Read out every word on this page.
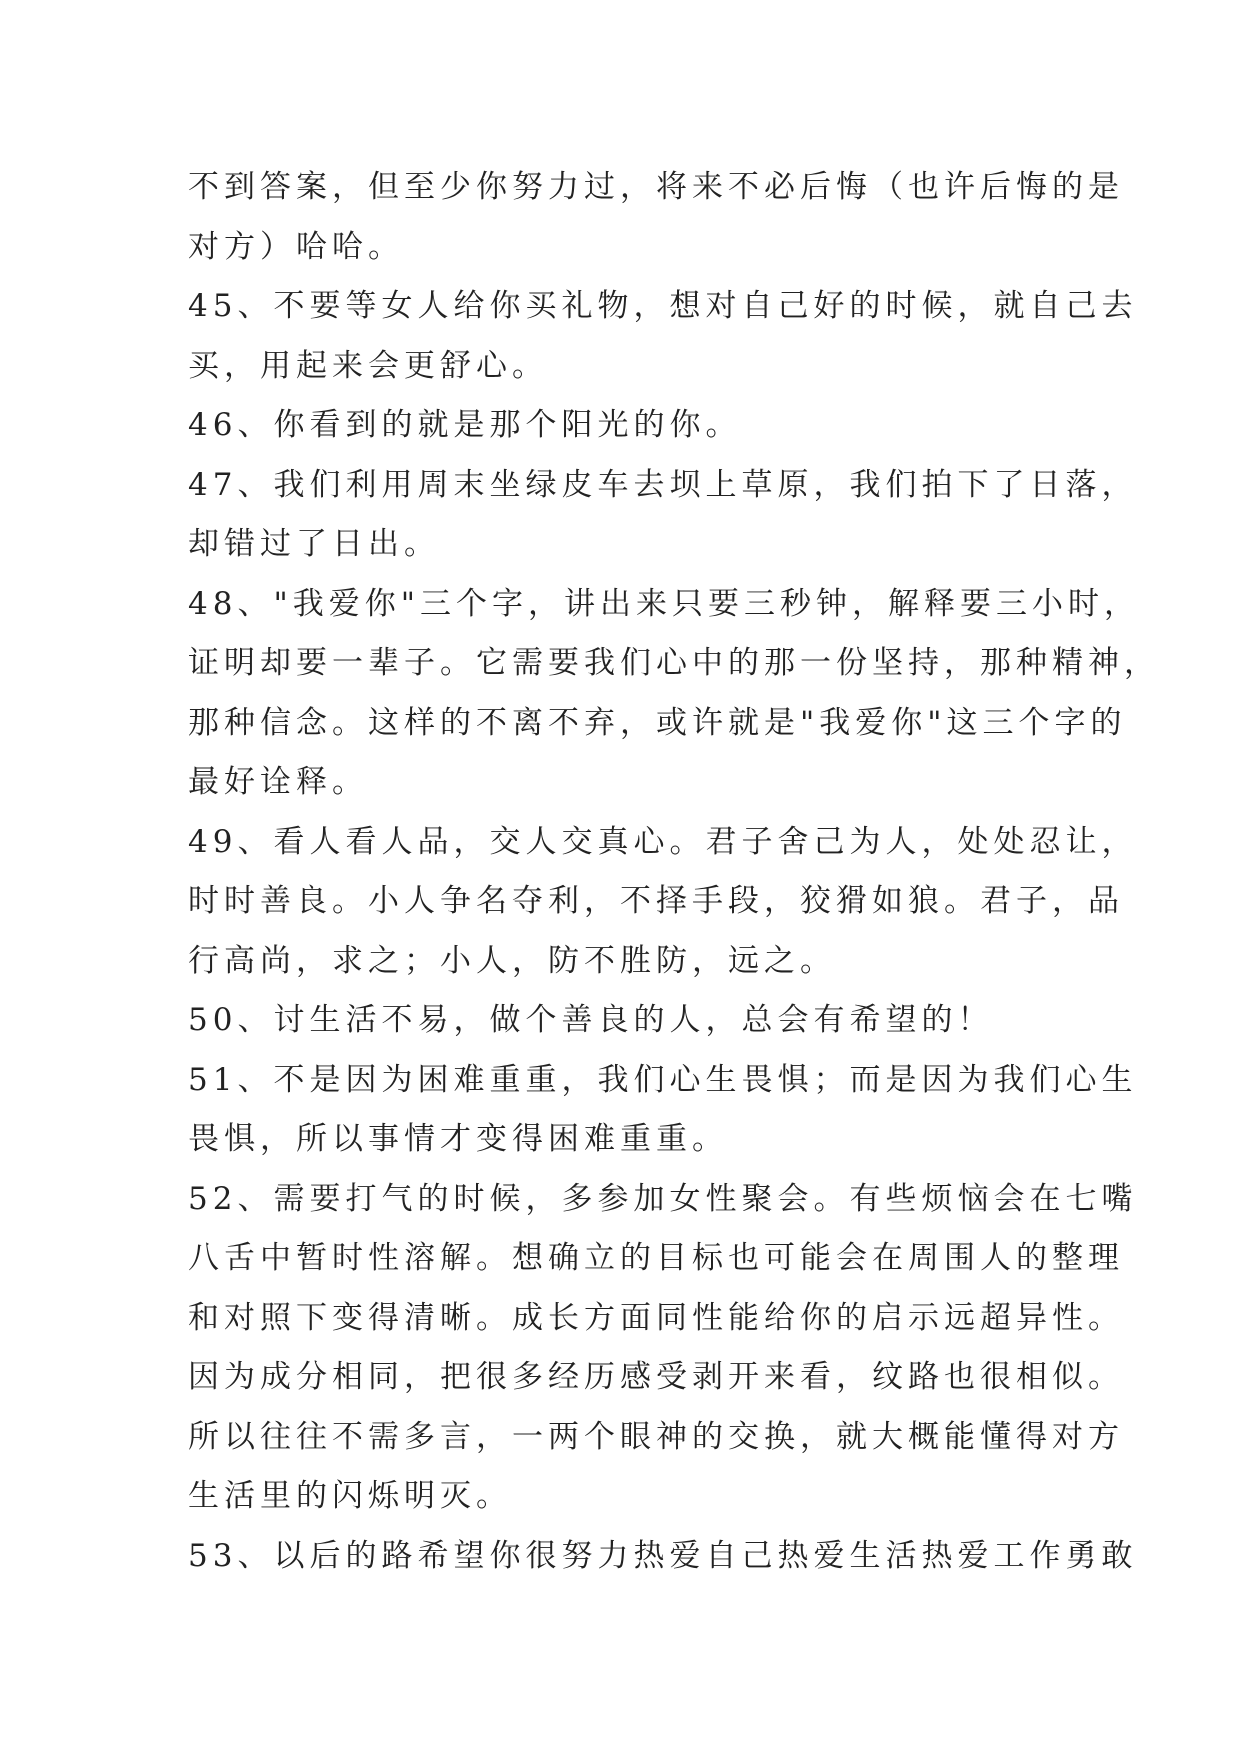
不到答案，但至少你努力过，将来不必后悔（也许后悔的是
对方）哈哈。
45、不要等女人给你买礼物，想对自己好的时候，就自己去
买，用起来会更舒心。
46、你看到的就是那个阳光的你。
47、我们利用周末坐绿皮车去坝上草原，我们拍下了日落，
却错过了日出。
48、"我爱你"三个字，讲出来只要三秒钟，解释要三小时，
证明却要一辈子。它需要我们心中的那一份坚持，那种精神，
那种信念。这样的不离不弃，或许就是"我爱你"这三个字的
最好诠释。
49、看人看人品，交人交真心。君子舍己为人，处处忍让，
时时善良。小人争名夺利，不择手段，狡猾如狼。君子，品
行高尚，求之；小人，防不胜防，远之。
50、讨生活不易，做个善良的人，总会有希望的！
51、不是因为困难重重，我们心生畏惧；而是因为我们心生
畏惧，所以事情才变得困难重重。
52、需要打气的时候，多参加女性聚会。有些烦恼会在七嘴
八舌中暂时性溶解。想确立的目标也可能会在周围人的整理
和对照下变得清晰。成长方面同性能给你的启示远超异性。
因为成分相同，把很多经历感受剥开来看，纹路也很相似。
所以往往不需多言，一两个眼神的交换，就大概能懂得对方
生活里的闪烁明灭。
53、以后的路希望你很努力热爱自己热爱生活热爱工作勇敢
